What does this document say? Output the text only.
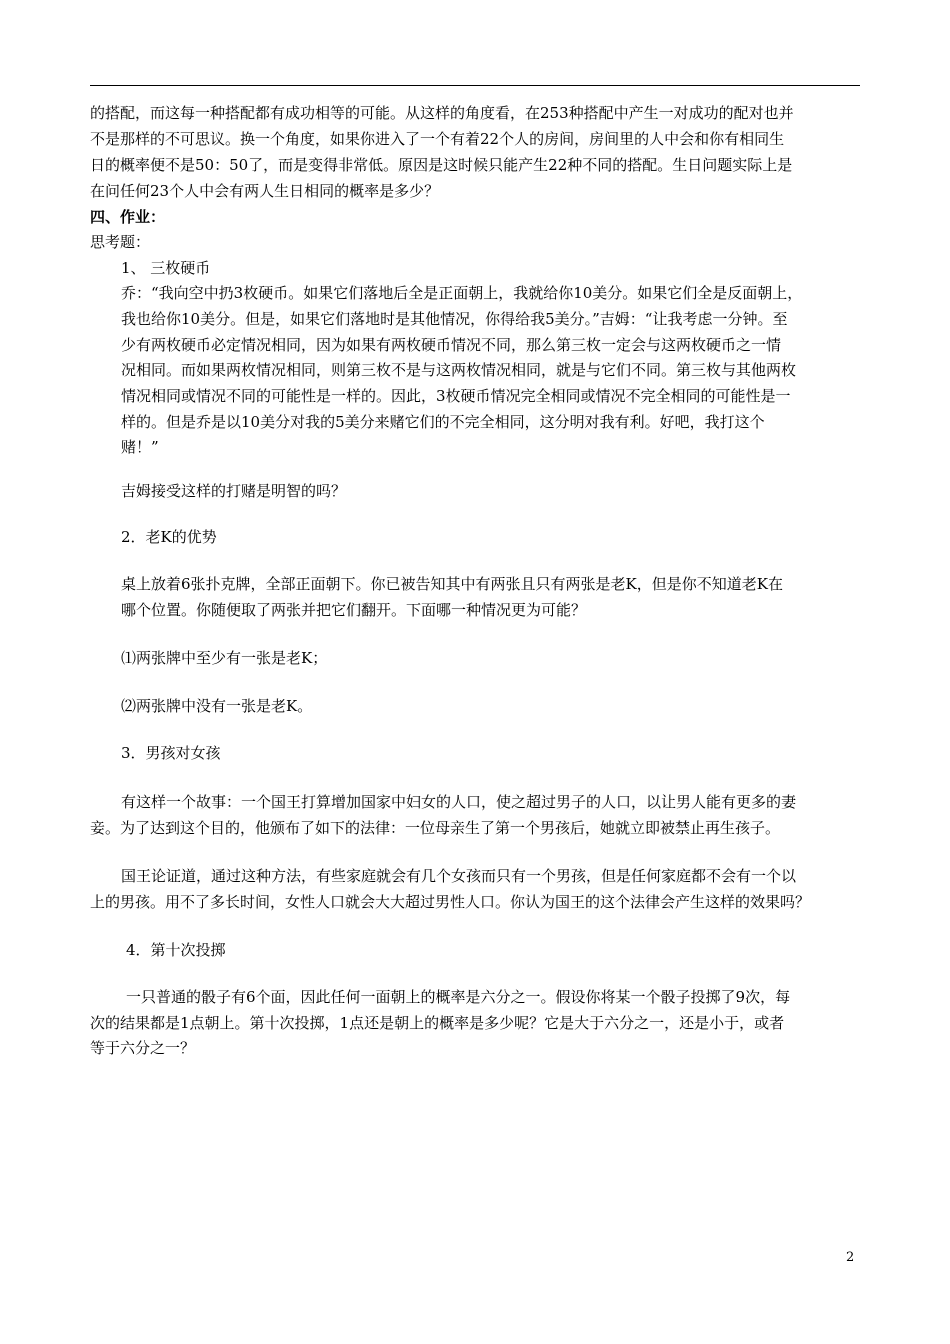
的搭配，而这每一种搭配都有成功相等的可能。从这样的角度看，在253种搭配中产生一对成功的配对也并
不是那样的不可思议。换一个角度，如果你进入了一个有着22个人的房间，房间里的人中会和你有相同生
日的概率便不是50：50了，而是变得非常低。原因是这时候只能产生22种不同的搭配。生日问题实际上是
在问任何23个人中会有两人生日相同的概率是多少？
四、作业：
思考题：
1、 三枚硬币
乔：“我向空中扔3枚硬币。如果它们落地后全是正面朝上，我就给你10美分。如果它们全是反面朝上，
我也给你10美分。但是，如果它们落地时是其他情况，你得给我5美分。”吉姆：“让我考虑一分钟。至
少有两枚硬币必定情况相同，因为如果有两枚硬币情况不同，那么第三枚一定会与这两枚硬币之一情
况相同。而如果两枚情况相同，则第三枚不是与这两枚情况相同，就是与它们不同。第三枚与其他两枚
情况相同或情况不同的可能性是一样的。因此，3枚硬币情况完全相同或情况不完全相同的可能性是一
样的。但是乔是以10美分对我的5美分来赌它们的不完全相同，这分明对我有利。好吧，我打这个
赌！”
吉姆接受这样的打赌是明智的吗？
2．老K的优势
桌上放着6张扑克牌，全部正面朝下。你已被告知其中有两张且只有两张是老K，但是你不知道老K在
哪个位置。你随便取了两张并把它们翻开。下面哪一种情况更为可能？
⑴两张牌中至少有一张是老K；
⑵两张牌中没有一张是老K。
3．男孩对女孩
有这样一个故事：一个国王打算增加国家中妇女的人口，使之超过男子的人口，以让男人能有更多的妻
妾。为了达到这个目的，他颁布了如下的法律：一位母亲生了第一个男孩后，她就立即被禁止再生孩子。
国王论证道，通过这种方法，有些家庭就会有几个女孩而只有一个男孩，但是任何家庭都不会有一个以
上的男孩。用不了多长时间，女性人口就会大大超过男性人口。你认为国王的这个法律会产生这样的效果吗？
4．第十次投掷
一只普通的骰子有6个面，因此任何一面朝上的概率是六分之一。假设你将某一个骰子投掷了9次，每
次的结果都是1点朝上。第十次投掷，1点还是朝上的概率是多少呢？它是大于六分之一，还是小于，或者
等于六分之一？
2
